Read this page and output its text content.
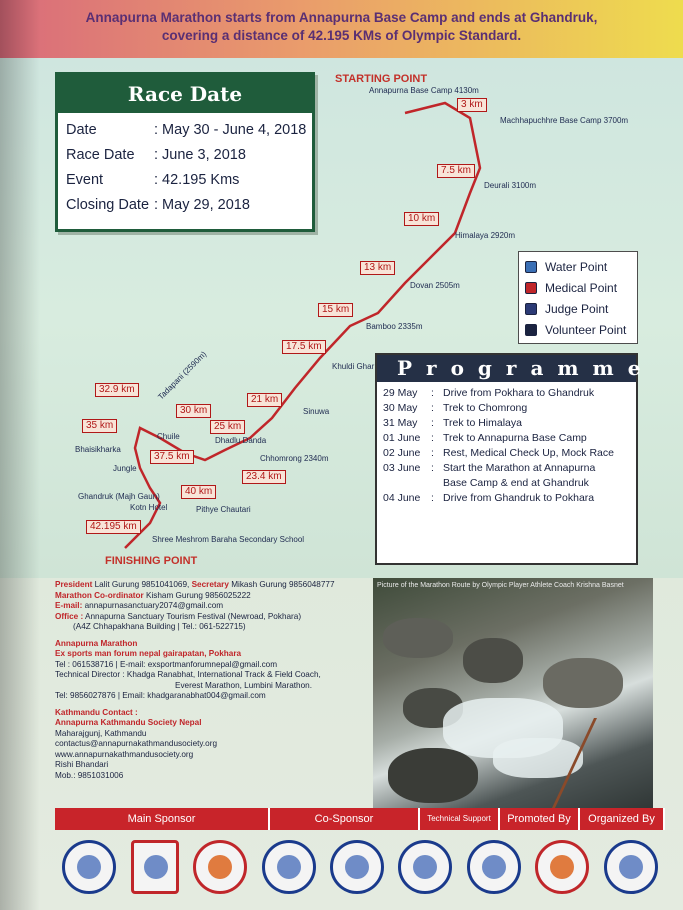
Annapurna Marathon starts from Annapurna Base Camp and ends at Ghandruk,

covering a distance of 42.195 KMs of Olympic Standard.

STARTING POINT
Annapurna Base Camp 4130m
Machhapuchhre Base Camp 3700m
Deurali 3100m
Himalaya 2920m
Dovan 2505m
Bamboo 2335m
Khuldi Ghar
Sinuwa
Chhomrong 2340m
Tadapani (2590m)
Chuile
Bhaisikharka
Jungle
Dhadlu Danda
Ghandruk (Majh Gaun)
Kotn Hotel	Pithye Chautari
Shree Meshrom Baraha Secondary School
FINISHING POINT
3 km
7.5 km
10 km
13 km
15 km
17.5 km
21 km
23.4 km
25 km
30 km
32.9 km
35 km
37.5 km
40 km
42.195 km
Race Date
Date	: May 30 - June 4, 2018
Race Date	: June 3, 2018
Event	: 42.195 Kms
Closing Date : May 29, 2018
Water Point
Medical Point
Judge Point
Volunteer Point
Programme
29 May	: Drive from Pokhara to Ghandruk
30 May	: Trek to Chomrong
31 May	: Trek to Himalaya
01 June	: Trek to Annapurna Base Camp
02 June	: Rest, Medical Check Up, Mock Race
03 June	: Start the Marathon at Annapurna
Base Camp & end at Ghandruk
04 June	: Drive from Ghandruk to Pokhara
President Lalit Gurung 9851041069, Secretary Mikash Gurung 9856048777
Marathon Co-ordinator Kisham Gurung 9856025222
E-mail: annapurnasanctuary2074@gmail.com
Office : Annapurna Sanctuary Tourism Festival (Newroad, Pokhara)
(A4Z Chhapakhana Building | Tel.: 061-522715)
Annapurna Marathon
Ex sports man forum nepal gairapatan, Pokhara
Tel : 061538716 | E-mail: exsportmanforumnepal@gmail.com
Technical Director : Khadga Ranabhat, International Track & Field Coach,
Everest Marathon, Lumbini Marathon.
Tel: 9856027876 | Email: khadgaranabhat004@gmail.com
Kathmandu Contact :
Annapurna Kathmandu Society Nepal
Maharajgunj, Kathmandu
contactus@annapurnakathmandusociety.org
www.annapurnakathmandusociety.org
Rishi Bhandari
Mob.: 9851031006
Picture of the Marathon Route by Olympic Player Athlete Coach Krishna Basnet
Main Sponsor	Co-Sponsor	Technical Support	Promoted By	Organized By
